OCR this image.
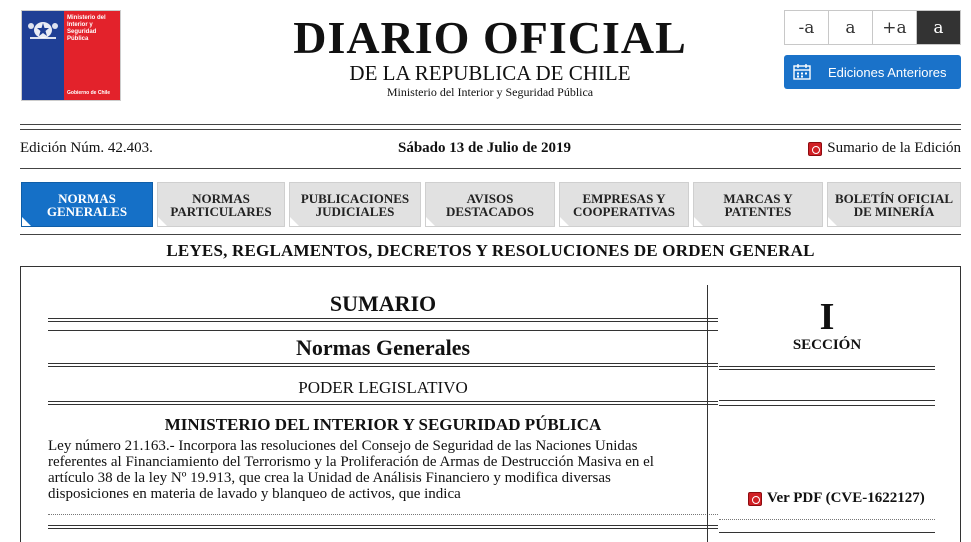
Ministerio del Interior y Seguridad Pública
Gobierno de Chile
DIARIO OFICIAL
DE LA REPUBLICA DE CHILE
Ministerio del Interior y Seguridad Pública
-a	a	+a	a
Ediciones Anteriores
Edición Núm. 42.403.	Sábado 13 de Julio de 2019	Sumario de la Edición
NORMAS
GENERALES
NORMAS
PARTICULARES
PUBLICACIONES
JUDICIALES
AVISOS
DESTACADOS
EMPRESAS Y
COOPERATIVAS
MARCAS Y
PATENTES
BOLETÍN OFICIAL
DE MINERÍA
LEYES, REGLAMENTOS, DECRETOS Y RESOLUCIONES DE ORDEN GENERAL
SUMARIO
Normas Generales
PODER LEGISLATIVO
MINISTERIO DEL INTERIOR Y SEGURIDAD PÚBLICA
Ley número 21.163.- Incorpora las resoluciones del Consejo de Seguridad de las Naciones Unidas
referentes al Financiamiento del Terrorismo y la Proliferación de Armas de Destrucción Masiva en el
artículo 38 de la ley Nº 19.913, que crea la Unidad de Análisis Financiero y modifica diversas
disposiciones en materia de lavado y blanqueo de activos, que indica
I
SECCIÓN
Ver PDF (CVE-1622127)
